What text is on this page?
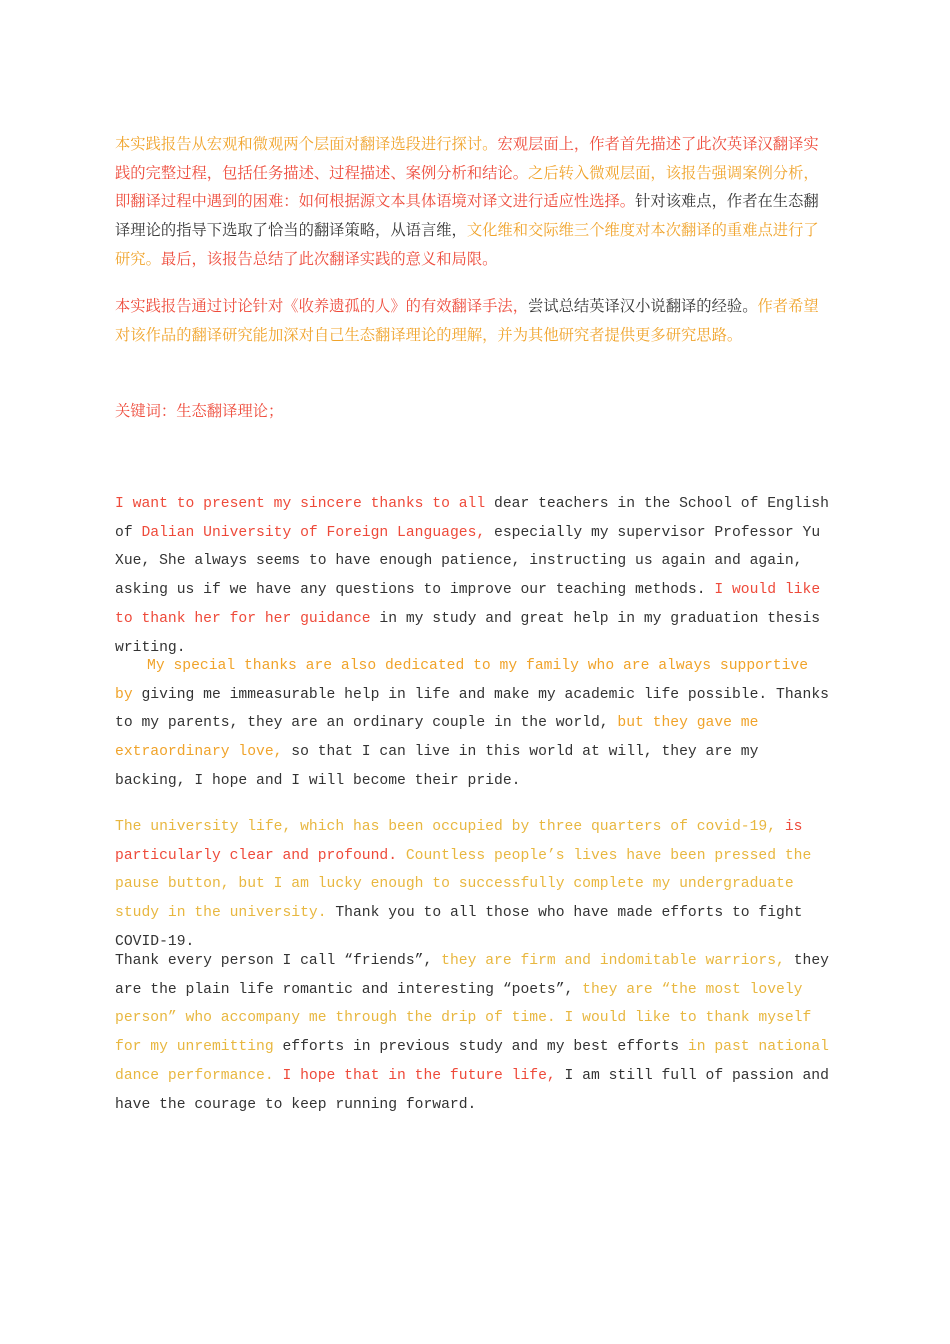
本实践报告从宏观和微观两个层面对翻译选段进行探讨。宏观层面上，作者首先描述了此次英译汉翻译实践的完整过程，包括任务描述、过程描述、案例分析和结论。之后转入微观层面，该报告强调案例分析，即翻译过程中遇到的困难：如何根据源文本具体语境对译文进行适应性选择。针对该难点，作者在生态翻译理论的指导下选取了恰当的翻译策略，从语言维，文化维和交际维三个维度对本次翻译的重难点进行了研究。最后，该报告总结了此次翻译实践的意义和局限。

本实践报告通过讨论针对《收养遗孤的人》的有效翻译手法，尝试总结英译汉小说翻译的经验。作者希望对该作品的翻译研究能加深对自己生态翻译理论的理解，并为其他研究者提供更多研究思路。

关键词：生态翻译理论；

I want to present my sincere thanks to all dear teachers in the School of English of Dalian University of Foreign Languages, especially my supervisor Professor Yu Xue, She always seems to have enough patience, instructing us again and again, asking us if we have any questions to improve our teaching methods. I would like to thank her for her guidance in my study and great help in my graduation thesis writing.

My special thanks are also dedicated to my family who are always supportive by giving me immeasurable help in life and make my academic life possible. Thanks to my parents, they are an ordinary couple in the world, but they gave me extraordinary love, so that I can live in this world at will, they are my backing, I hope and I will become their pride.

The university life, which has been occupied by three quarters of covid-19, is particularly clear and profound. Countless people’s lives have been pressed the pause button, but I am lucky enough to successfully complete my undergraduate study in the university. Thank you to all those who have made efforts to fight COVID-19.

Thank every person I call “friends”, they are firm and indomitable warriors, they are the plain life romantic and interesting “poets”, they are “the most lovely person” who accompany me through the drip of time. I would like to thank myself for my unremitting efforts in previous study and my best efforts in past national dance performance. I hope that in the future life, I am still full of passion and have the courage to keep running forward.
